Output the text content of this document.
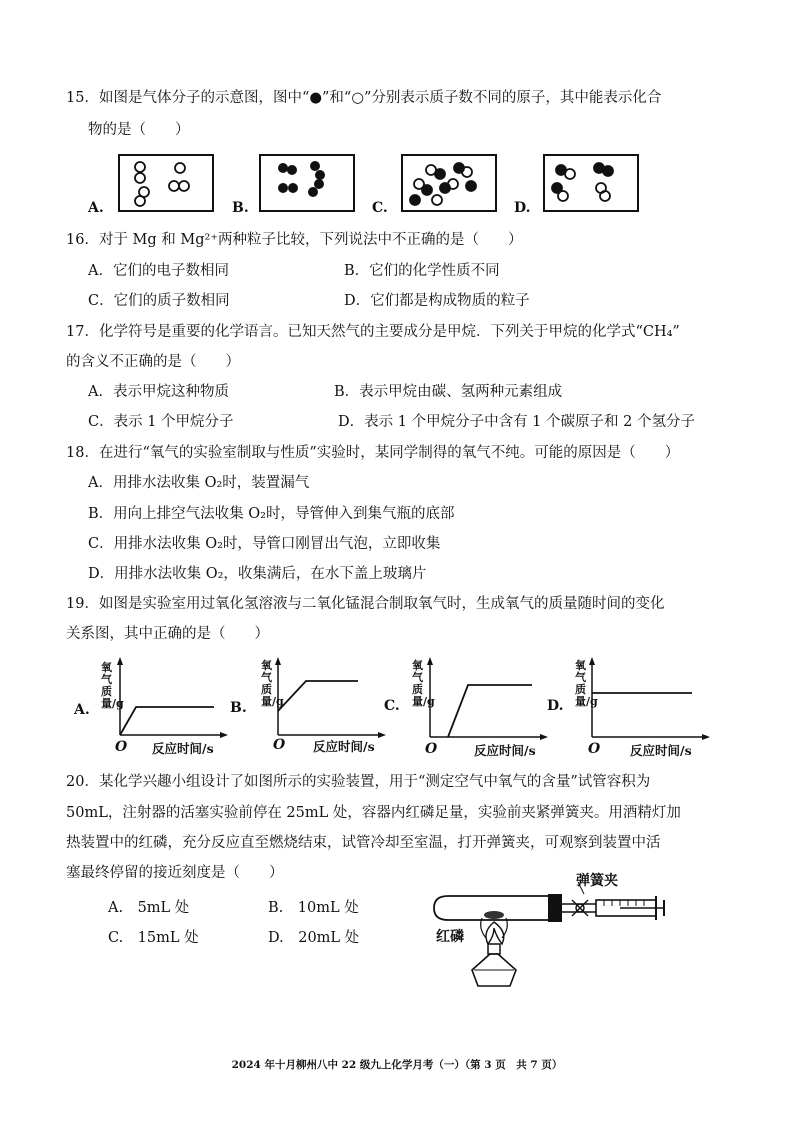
15．如图是气体分子的示意图，图中“●”和“○”分别表示质子数不同的原子，其中能表示化合
物的是（　　）
A.	B.	C.	D.
16．对于 Mg 和 Mg²⁺两种粒子比较，下列说法中不正确的是（　　）
A．它们的电子数相同	B．它们的化学性质不同
C．它们的质子数相同	D．它们都是构成物质的粒子
17．化学符号是重要的化学语言。已知天然气的主要成分是甲烷．下列关于甲烷的化学式“CH₄”
的含义不正确的是（　　）
A．表示甲烷这种物质	B．表示甲烷由碳、氢两种元素组成
C．表示 1 个甲烷分子	D．表示 1 个甲烷分子中含有 1 个碳原子和 2 个氢分子
18．在进行“氧气的实验室制取与性质”实验时，某同学制得的氧气不纯。可能的原因是（　　）
A．用排水法收集 O₂时，装置漏气
B．用向上排空气法收集 O₂时，导管伸入到集气瓶的底部
C．用排水法收集 O₂时，导管口刚冒出气泡，立即收集
D．用排水法收集 O₂，收集满后，在水下盖上玻璃片
19．如图是实验室用过氧化氢溶液与二氧化锰混合制取氧气时，生成氧气的质量随时间的变化
关系图，其中正确的是（　　）
A.
氧气质量/g
O 反应时间/s
B.
氧气质量/g
O 反应时间/s
C.
氧气质量/g
O	反应时间/s
D.
氧气质量/g
O 反应时间/s
20．某化学兴趣小组设计了如图所示的实验装置，用于“测定空气中氧气的含量”试管容积为
50mL，注射器的活塞实验前停在 25mL 处，容器内红磷足量，实验前夹紧弹簧夹。用酒精灯加
热装置中的红磷，充分反应直至燃烧结束，试管冷却至室温，打开弹簧夹，可观察到装置中活
塞最终停留的接近刻度是（　　）
A.　5mL 处	B.　10mL 处
C.　15mL 处	D.　20mL 处
弹簧夹
红磷
2024 年十月柳州八中 22 级九上化学月考（一）（第 3 页　共 7 页）
